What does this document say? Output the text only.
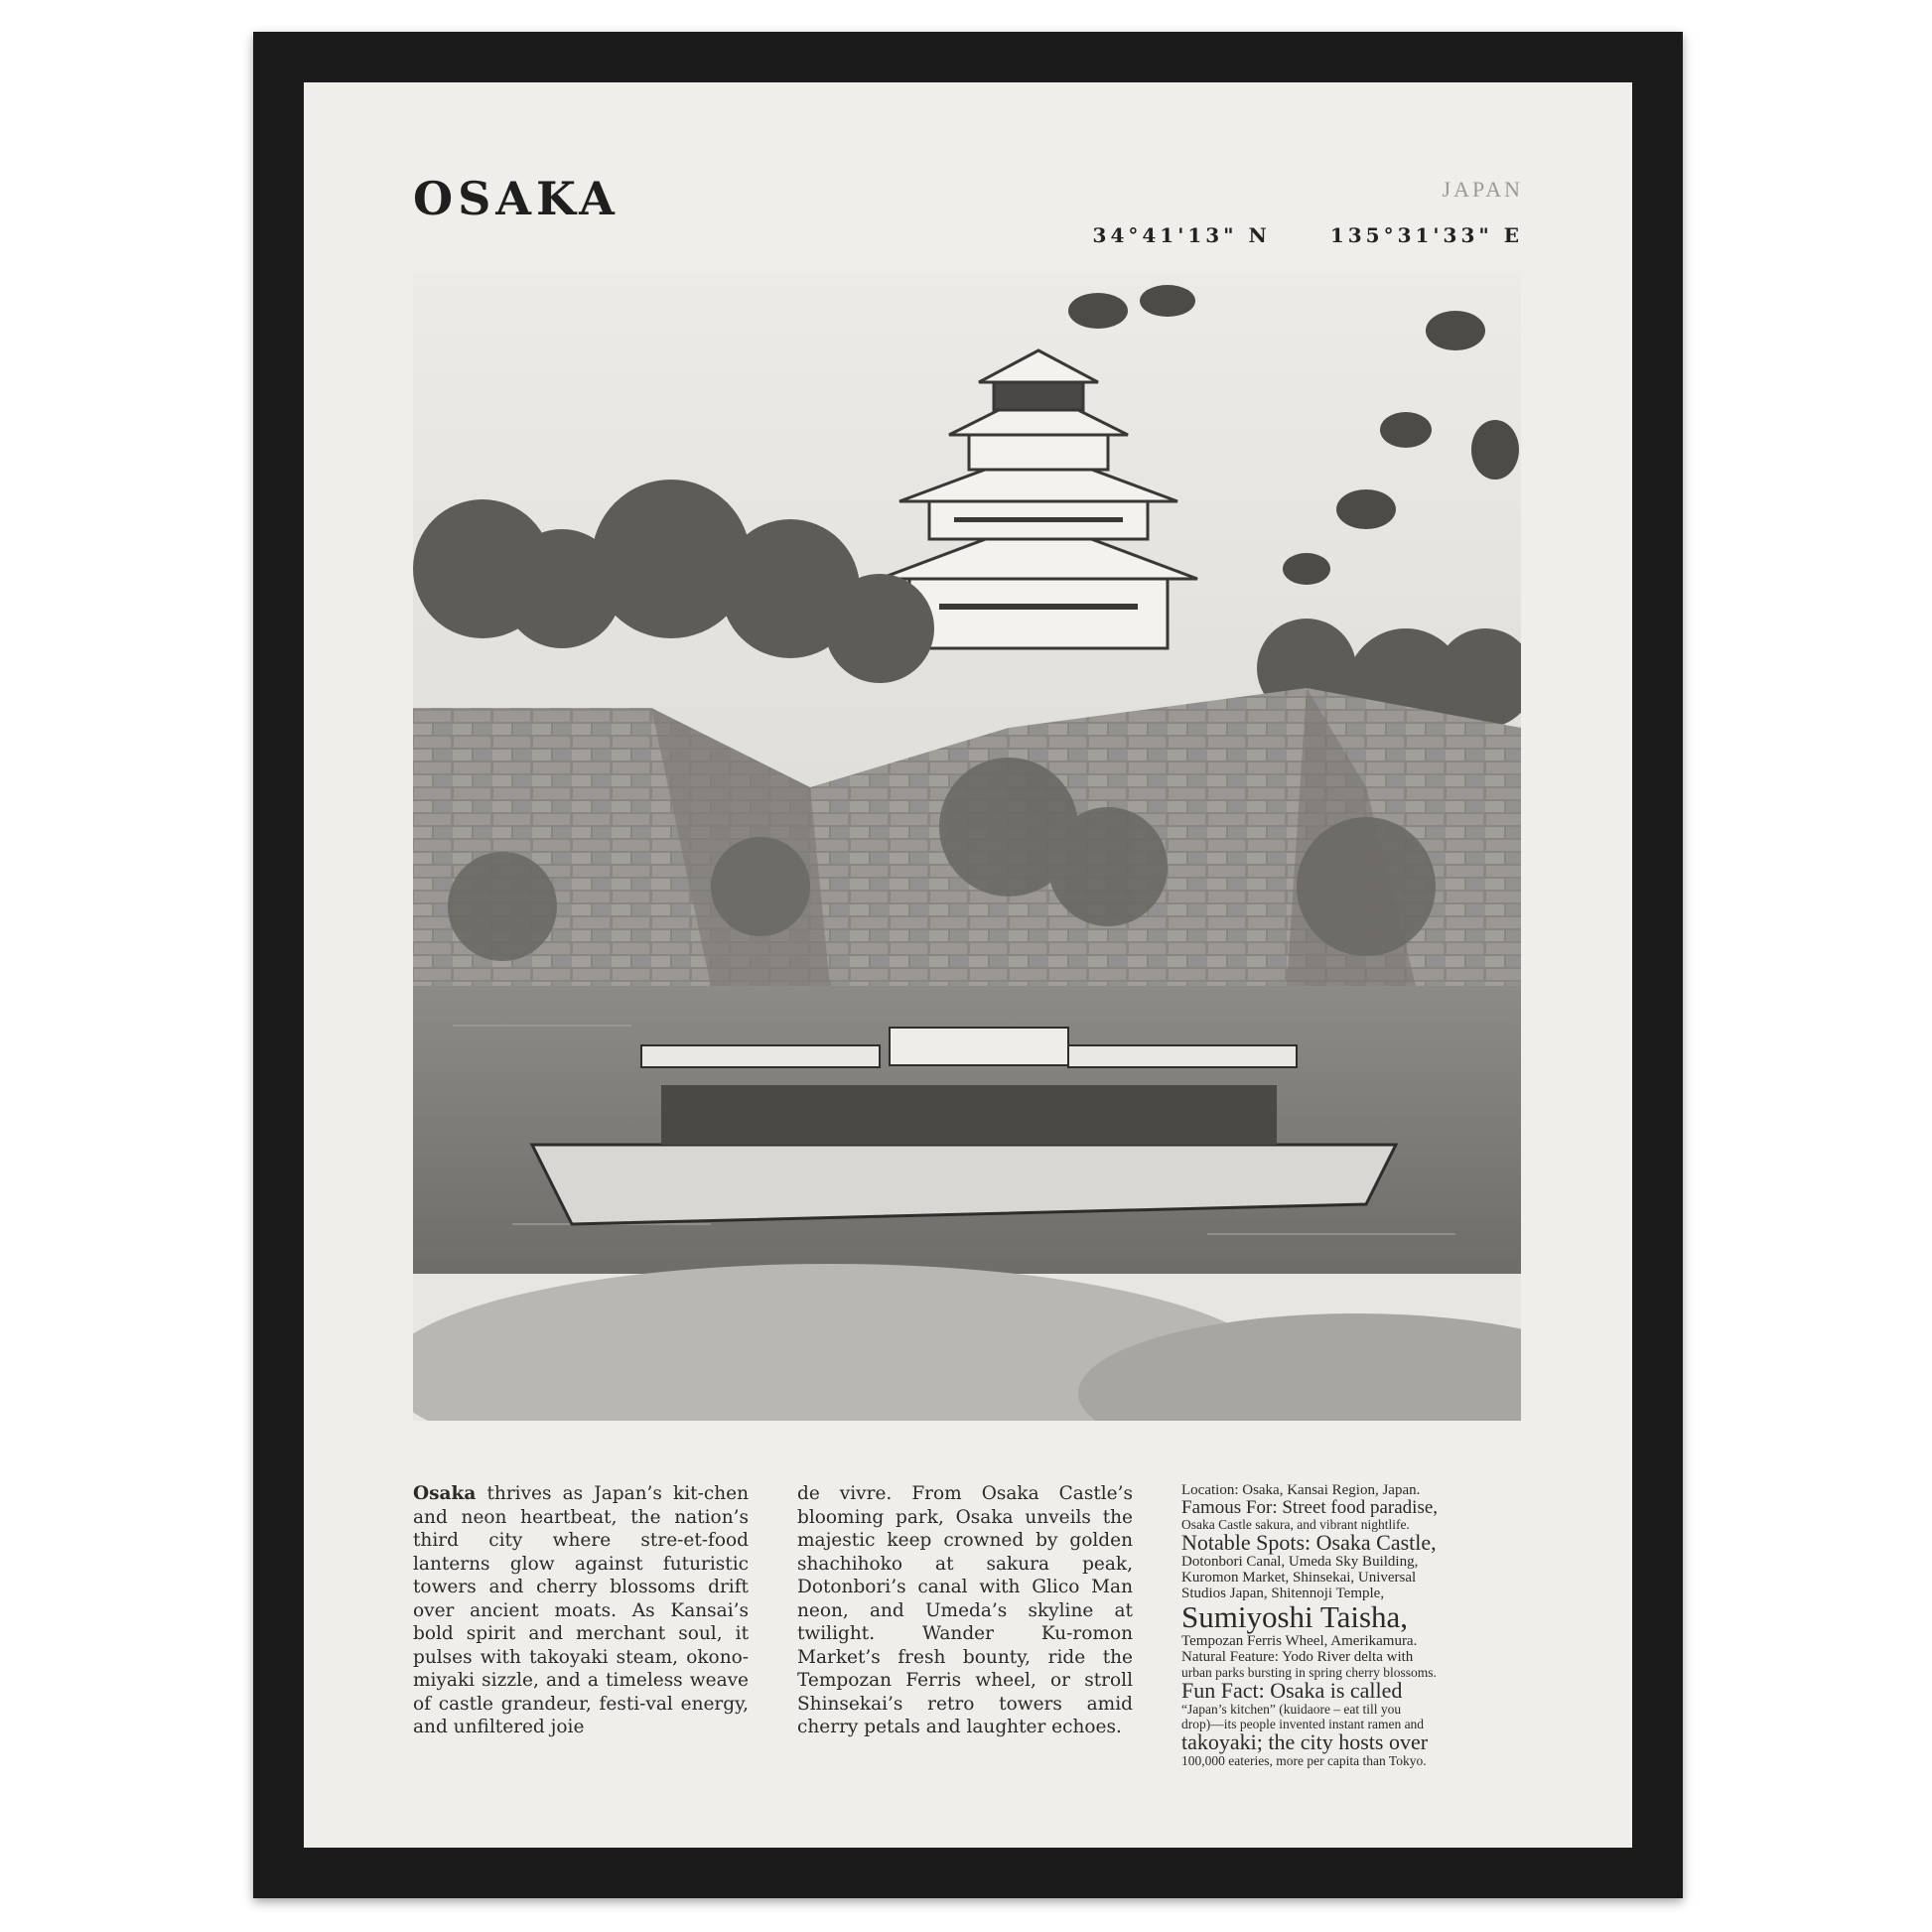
OSAKA	JAPAN
34°41'13" N	135°31'33" E
Osaka thrives as Japan’s kit-chen and neon heartbeat, the nation’s third city where stre-et-food lanterns glow against futuristic towers and cherry blossoms drift over ancient moats. As Kansai’s bold spirit and merchant soul, it pulses with takoyaki steam, okono-miyaki sizzle, and a timeless weave of castle grandeur, festi-val energy, and unfiltered joie
de vivre. From Osaka Castle’s blooming park, Osaka unveils the majestic keep crowned by golden shachihoko at sakura peak, Dotonbori’s canal with Glico Man neon, and Umeda’s skyline at twilight. Wander Ku-romon Market’s fresh bounty, ride the Tempozan Ferris wheel, or stroll Shinsekai’s retro towers amid cherry petals and laughter echoes.

Location: Osaka, Kansai Region, Japan.

Famous For: Street food paradise,

Osaka Castle sakura, and vibrant nightlife.

Notable Spots: Osaka Castle,

Dotonbori Canal, Umeda Sky Building,

Kuromon Market, Shinsekai, Universal

Studios Japan, Shitennoji Temple,

Sumiyoshi Taisha,

Tempozan Ferris Wheel, Amerikamura.

Natural Feature: Yodo River delta with

urban parks bursting in spring cherry blossoms.

Fun Fact: Osaka is called

“Japan’s kitchen” (kuidaore – eat till you

drop)—its people invented instant ramen and

takoyaki; the city hosts over

100,000 eateries, more per capita than Tokyo.
